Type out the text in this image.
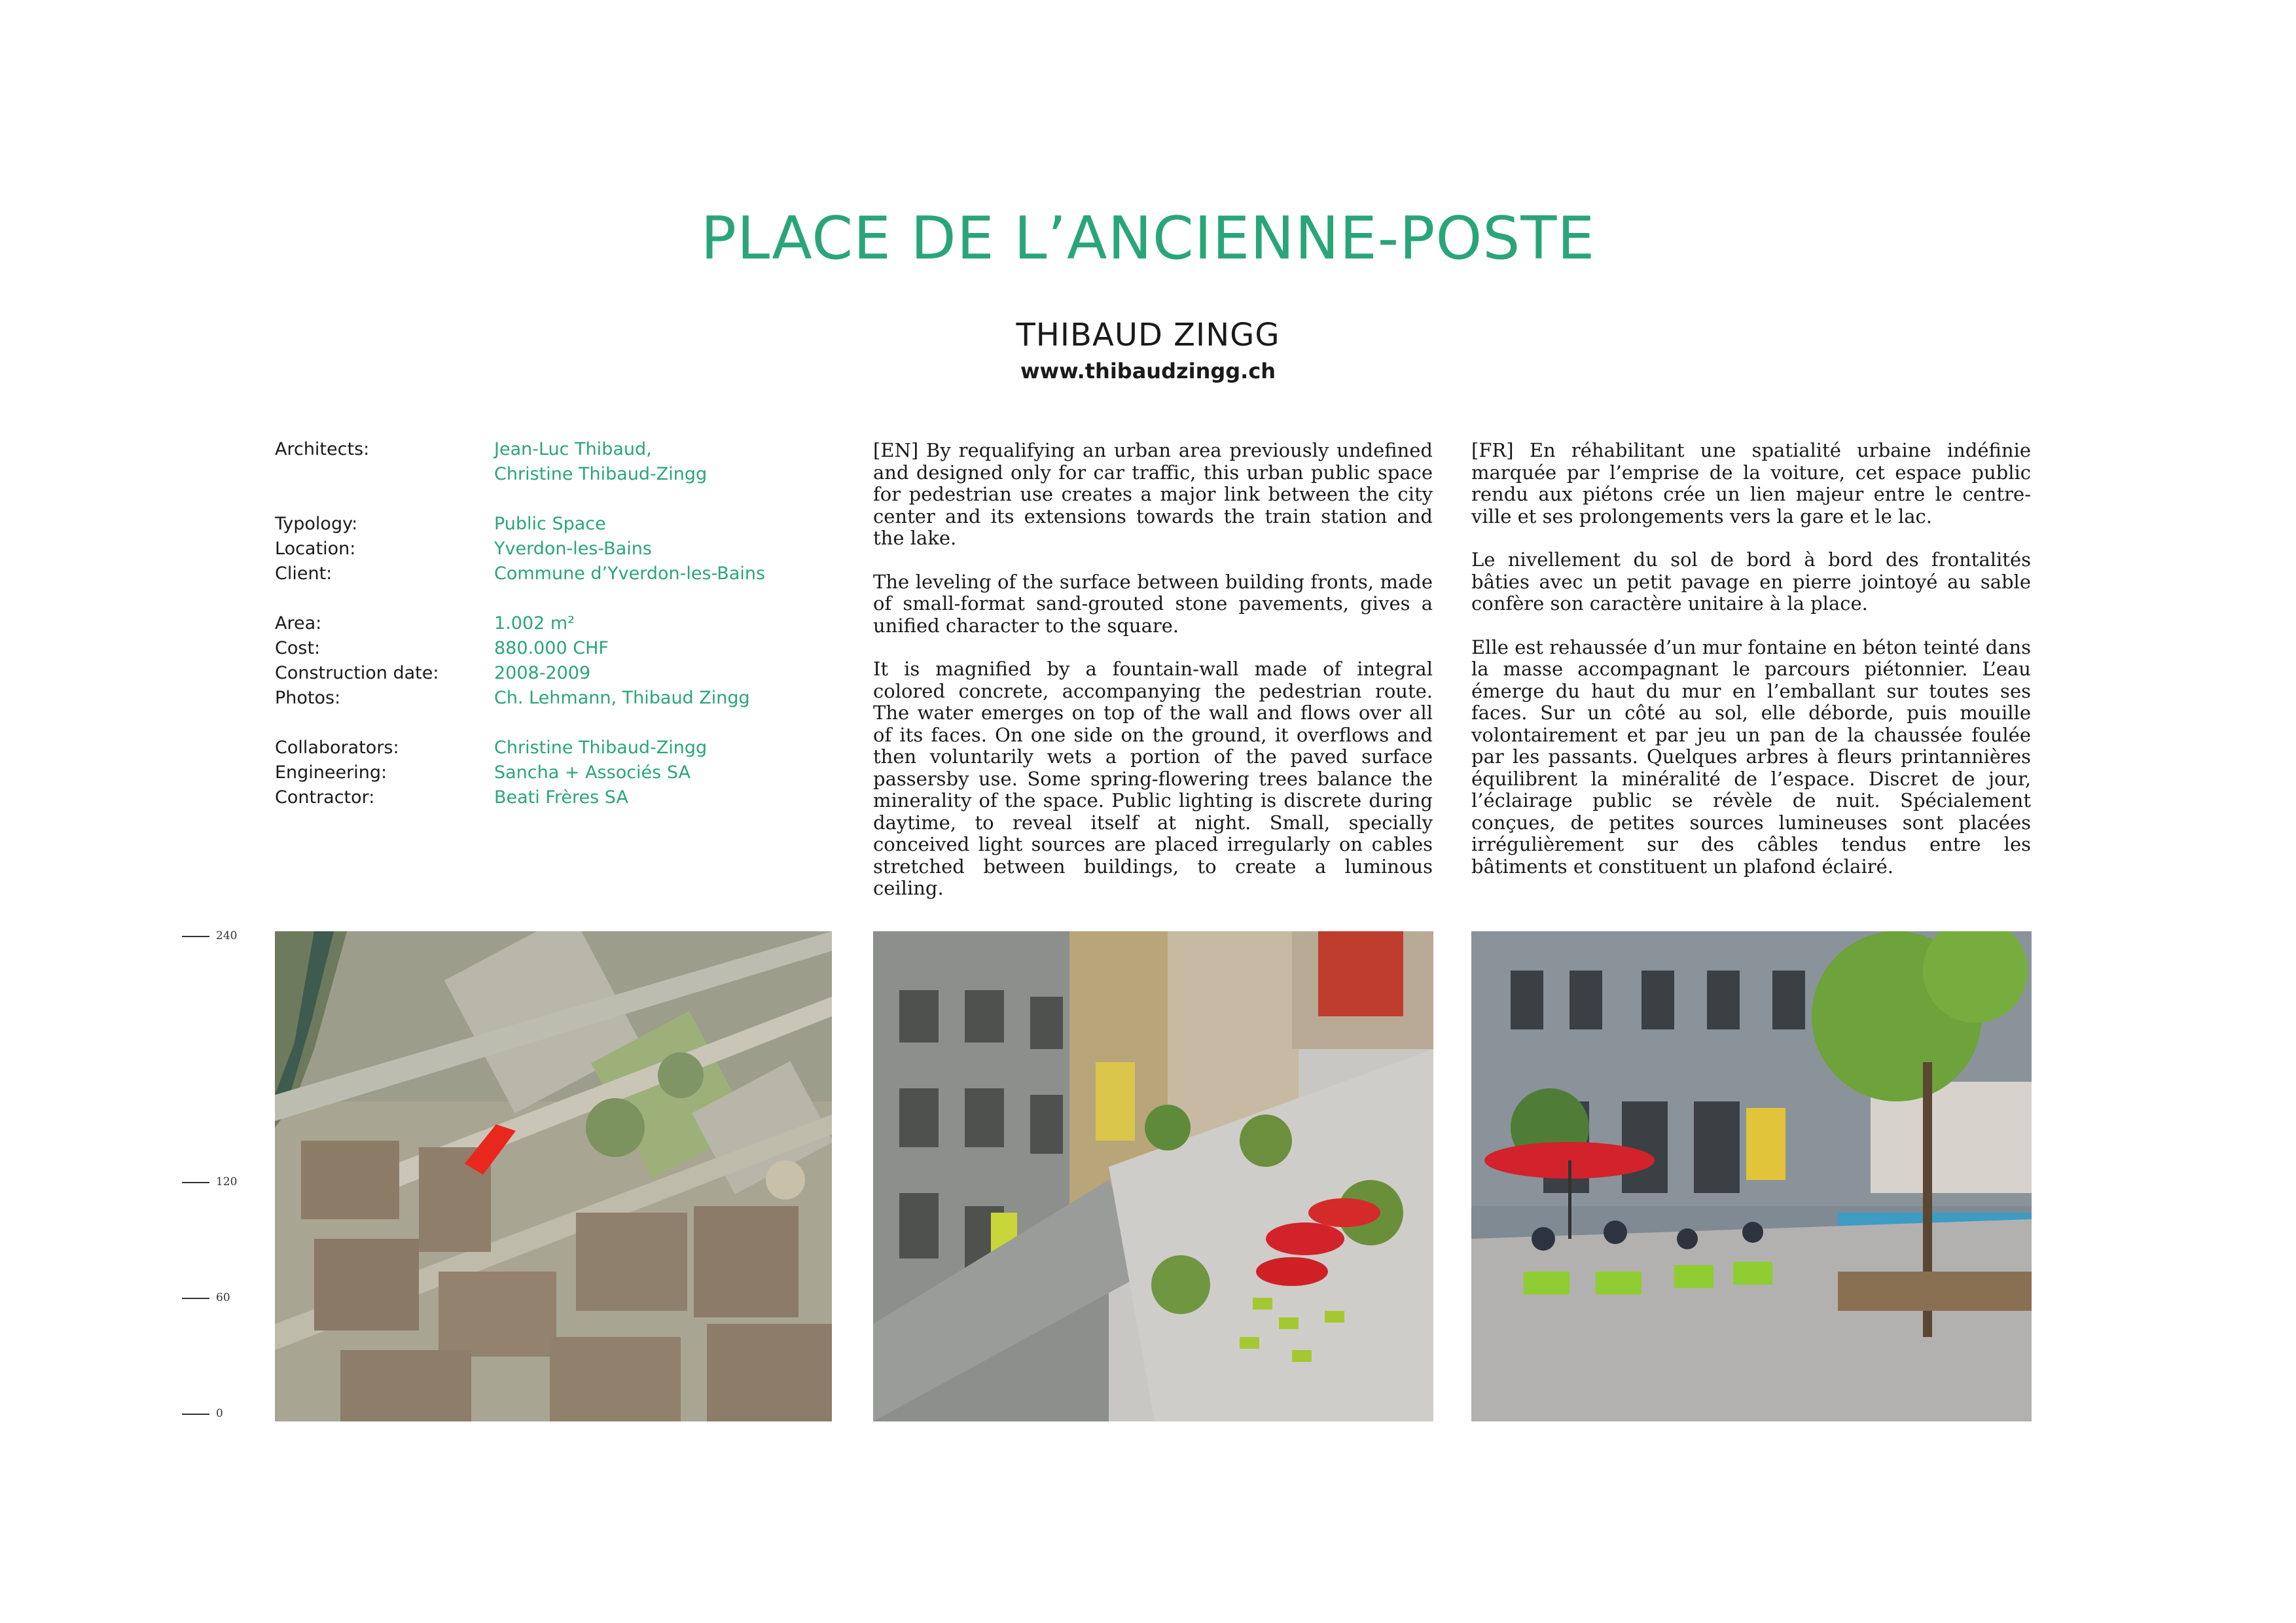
PLACE DE L’ANCIENNE-POSTE
THIBAUD ZINGG
www.thibaudzingg.ch
Architects:	Jean-Luc Thibaud,
Christine Thibaud-Zingg
Typology:	Public Space
Location:	Yverdon-les-Bains
Client:	Commune d’Yverdon-les-Bains
Area:	1.002 m²
Cost:	880.000 CHF
Construction date:	2008-2009
Photos:	Ch. Lehmann, Thibaud Zingg
Collaborators:	Christine Thibaud-Zingg
Engineering:	Sancha + Associés SA
Contractor:	Beati Frères SA

[EN] By requalifying an urban area previously undefined and designed only for car traffic, this urban public space for pedestrian use creates a major link between the city center and its extensions towards the train station and the lake.

The leveling of the surface between building fronts, made of small-format sand-grouted stone pavements, gives a unified character to the square.

It is magnified by a fountain-wall made of integral colored concrete, accompanying the pedestrian route. The water emerges on top of the wall and flows over all of its faces. On one side on the ground, it overflows and then voluntarily wets a portion of the paved surface passersby use. Some spring-flowering trees balance the minerality of the space. Public lighting is discrete during daytime, to reveal itself at night. Small, specially conceived light sources are placed irregularly on cables stretched between buildings, to create a luminous ceiling.

[FR] En réhabilitant une spatialité urbaine indéfinie marquée par l’emprise de la voiture, cet espace public rendu aux piétons crée un lien majeur entre le centre-ville et ses prolongements vers la gare et le lac.

Le nivellement du sol de bord à bord des frontalités bâties avec un petit pavage en pierre jointoyé au sable confère son caractère unitaire à la place.

Elle est rehaussée d’un mur fontaine en béton teinté dans la masse accompagnant le parcours piétonnier. L’eau émerge du haut du mur en l’emballant sur toutes ses faces. Sur un côté au sol, elle déborde, puis mouille volontairement et par jeu un pan de la chaussée foulée par les passants. Quelques arbres à fleurs printannières équilibrent la minéralité de l’espace. Discret de jour, l’éclairage public se révèle de nuit. Spécialement conçues, de petites sources lumineuses sont placées irrégulièrement sur des câbles tendus entre les bâtiments et constituent un plafond éclairé.

240
120
60
0
